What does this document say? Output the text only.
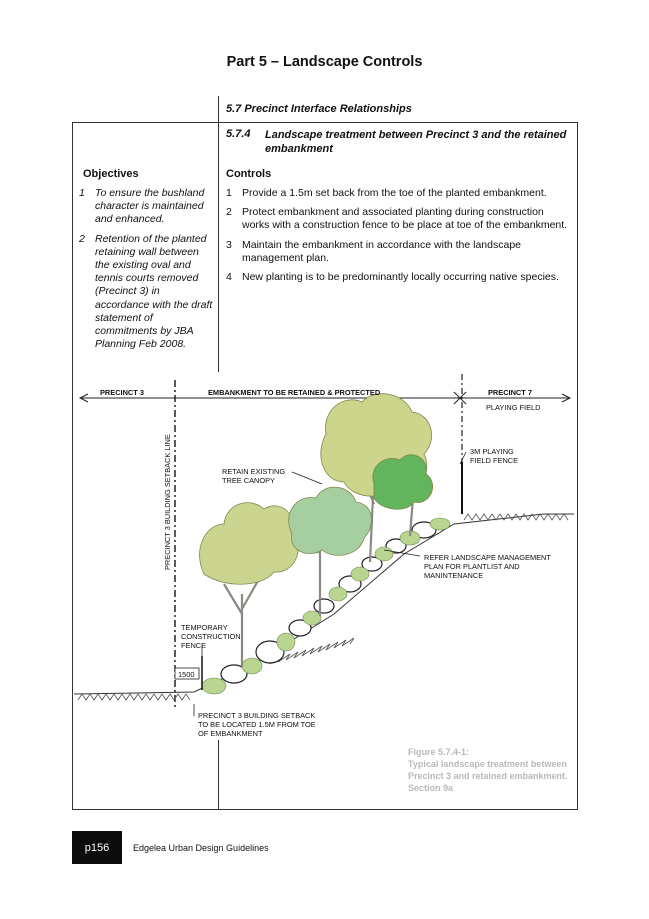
Part 5 – Landscape Controls
5.7 Precinct Interface Relationships
5.7.4 Landscape treatment between Precinct 3 and the retained embankment
Objectives
1 To ensure the bushland character is maintained and enhanced.
2 Retention of the planted retaining wall between the existing oval and tennis courts removed (Precinct 3) in accordance with the draft statement of commitments by JBA Planning Feb 2008.
Controls
1 Provide a 1.5m set back from the toe of the planted embankment.
2 Protect embankment and associated planting during construction works with a construction fence to be place at toe of the embankment.
3 Maintain the embankment in accordance with the landscape management plan.
4 New planting is to be predominantly locally occurring native species.
PRECINCT 3	EMBANKMENT TO BE RETAINED & PROTECTED	PRECINCT 7
PLAYING FIELD
PRECINCT 3 BUILDING SETBACK LINE	RETAIN EXISTING
TREE CANOPY
3M PLAYING
FIELD FENCE
REFER LANDSCAPE MANAGEMENT
PLAN FOR PLANTLIST AND
MANINTENANCE
TEMPORARY
CONSTRUCTION
FENCE
1500
PRECINCT 3 BUILDING SETBACK
TO BE LOCATED 1.5M FROM TOE
OF EMBANKMENT
Figure 5.7.4-1:
Typical landscape treatment between Precinct 3 and retained embankment. Section 9a
p156	Edgelea Urban Design Guidelines
